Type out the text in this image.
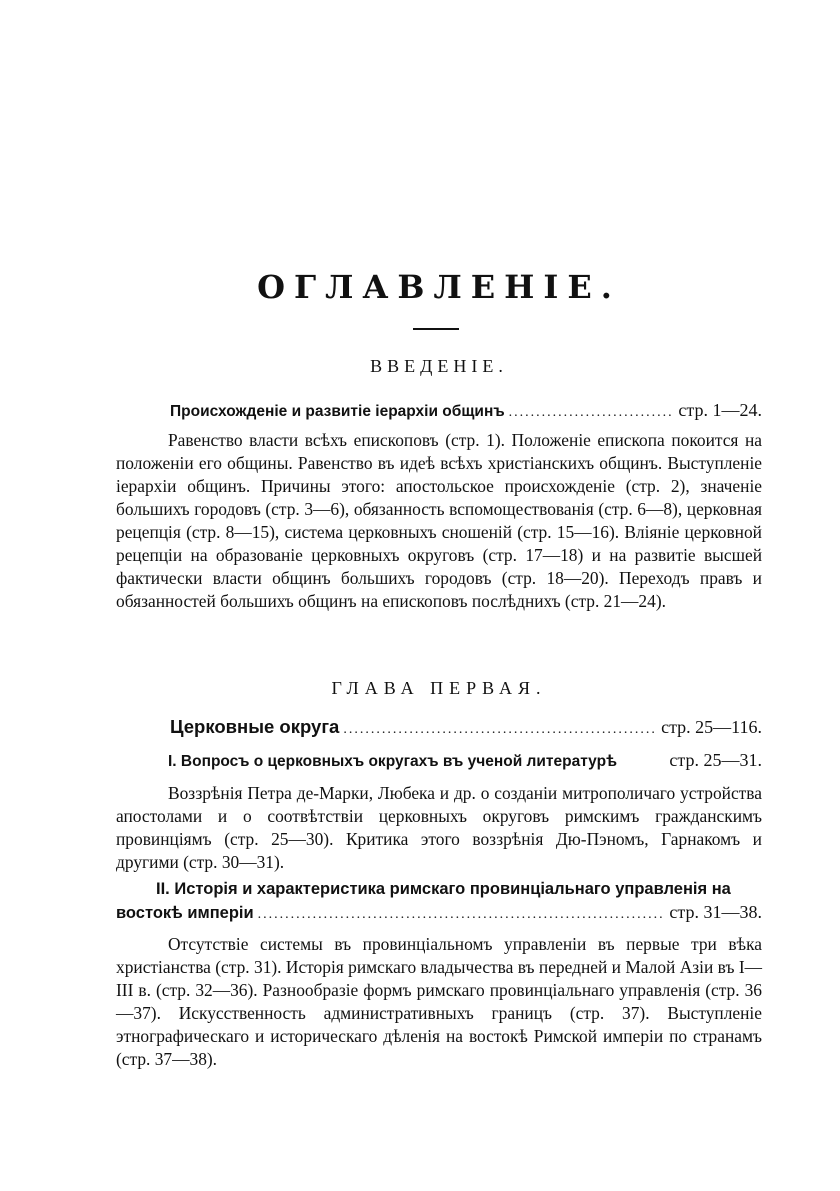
ОГЛАВЛЕНІЕ.
ВВЕДЕНІЕ.
Происхожденіе и развитіе іерархіи общинъ .....	стр. 1—24.

Равенство власти всѣхъ епископовъ (стр. 1). Положеніе епископа покоится на положеніи его общины. Равенство въ идеѣ всѣхъ христіанскихъ общинъ. Выступленіе іерархіи общинъ. Причины этого: апостольское происхожденіе (стр. 2), значеніе большихъ городовъ (стр. 3—6), обязанность вспомоществованія (стр. 6—8), церковная рецепція (стр. 8—15), система церковныхъ сношеній (стр. 15—16). Вліяніе церковной рецепціи на образованіе церковныхъ округовъ (стр. 17—18) и на развитіе высшей фактически власти общинъ большихъ городовъ (стр. 18—20). Переходъ правъ и обязанностей большихъ общинъ на епископовъ послѣднихъ (стр. 21—24).

ГЛАВА ПЕРВАЯ.
Церковные округа .....	стр. 25—116.
I. Вопросъ о церковныхъ округахъ въ ученой литературѣ	стр. 25—31.

Воззрѣнія Петра де-Марки, Любека и др. о созданіи митрополичаго устройства апостолами и о соотвѣтствіи церковныхъ округовъ римскимъ гражданскимъ провинціямъ (стр. 25—30). Критика этого воззрѣнія Дю-Пэномъ, Гарнакомъ и другими (стр. 30—31).

II. Исторія и характеристика римскаго провинціальнаго управленія на
востокѣ имперіи .....	стр. 31—38.

Отсутствіе системы въ провинціальномъ управленіи въ первые три вѣка христіанства (стр. 31). Исторія римскаго владычества въ передней и Малой Азіи въ I—III в. (стр. 32—36). Разнообразіе формъ римскаго провинціальнаго управленія (стр. 36—37). Искусственность административныхъ границъ (стр. 37). Выступленіе этнографическаго и историческаго дѣленія на востокѣ Римской имперіи по странамъ (стр. 37—38).
